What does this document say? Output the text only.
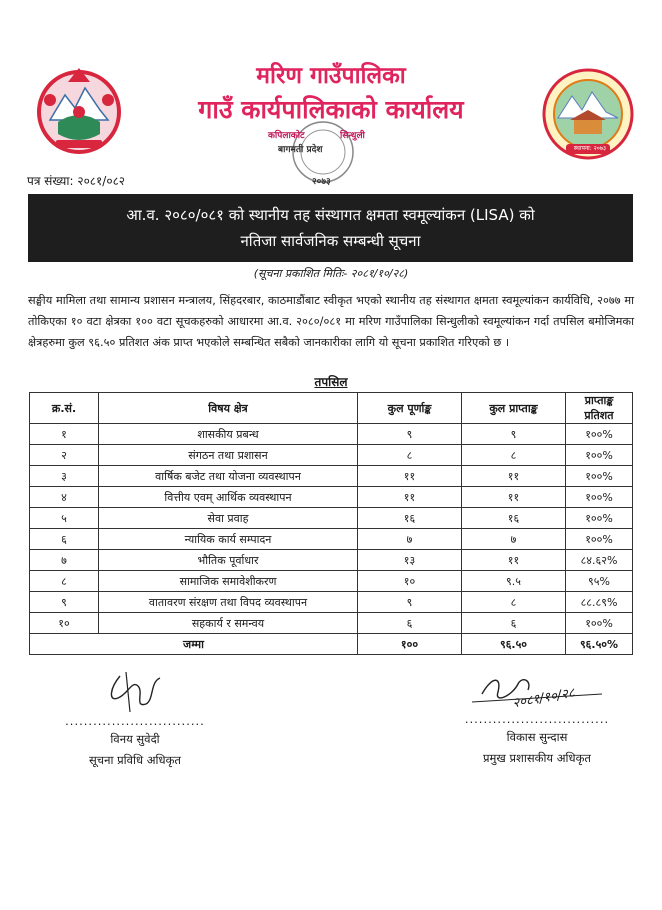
स्थापना: २०७३
मरिण गाउँपालिका
गाउँ कार्यपालिकाको कार्यालय
कपिलाकोट	सिन्धुली
बागमती प्रदेश
२०७३
पत्र संख्या: २०८१/०८२
आ.व. २०८०/०८१ को स्थानीय तह संस्थागत क्षमता स्वमूल्यांकन (LISA) को
नतिजा सार्वजनिक सम्बन्धी सूचना
(सूचना प्रकाशित मितिः- २०८१/१०/२८)
सङ्घीय मामिला तथा सामान्य प्रशासन मन्त्रालय, सिंहदरबार, काठमाडौंबाट स्वीकृत भएको स्थानीय तह संस्थागत क्षमता स्वमूल्यांकन कार्यविधि, २०७७ मा तोकिएका १० वटा क्षेत्रका १०० वटा सूचकहरुको आधारमा आ.व. २०८०/०८१ मा मरिण गाउँपालिका सिन्धुलीको स्वमूल्यांकन गर्दा तपसिल बमोजिमका क्षेत्रहरुमा कुल ९६.५० प्रतिशत अंक प्राप्त भएकोले सम्बन्धित सबैको जानकारीका लागि यो सूचना प्रकाशित गरिएको छ ।
तपसिल
क्र.सं.	विषय क्षेत्र	कुल पूर्णाङ्क	कुल प्राप्ताङ्क	प्राप्ताङ्क प्रतिशत
१	शासकीय प्रबन्ध	९	९	१००%
२	संगठन तथा प्रशासन	८	८	१००%
३	वार्षिक बजेट तथा योजना व्यवस्थापन	११	११	१००%
४	वित्तीय एवम् आर्थिक व्यवस्थापन	११	११	१००%
५	सेवा प्रवाह	१६	१६	१००%
६	न्यायिक कार्य सम्पादन	७	७	१००%
७	भौतिक पूर्वाधार	१३	११	८४.६२%
८	सामाजिक समावेशीकरण	१०	९.५	९५%
९	वातावरण संरक्षण तथा विपद व्यवस्थापन	९	८	८८.८९%
१०	सहकार्य र समन्वय	६	६	१००%
जम्मा		१००	९६.५०	९६.५०%
..............................
विनय सुवेदी
सूचना प्रविधि अधिकृत
२०८१/१०/२८
...............................
विकास सुन्दास
प्रमुख प्रशासकीय अधिकृत
